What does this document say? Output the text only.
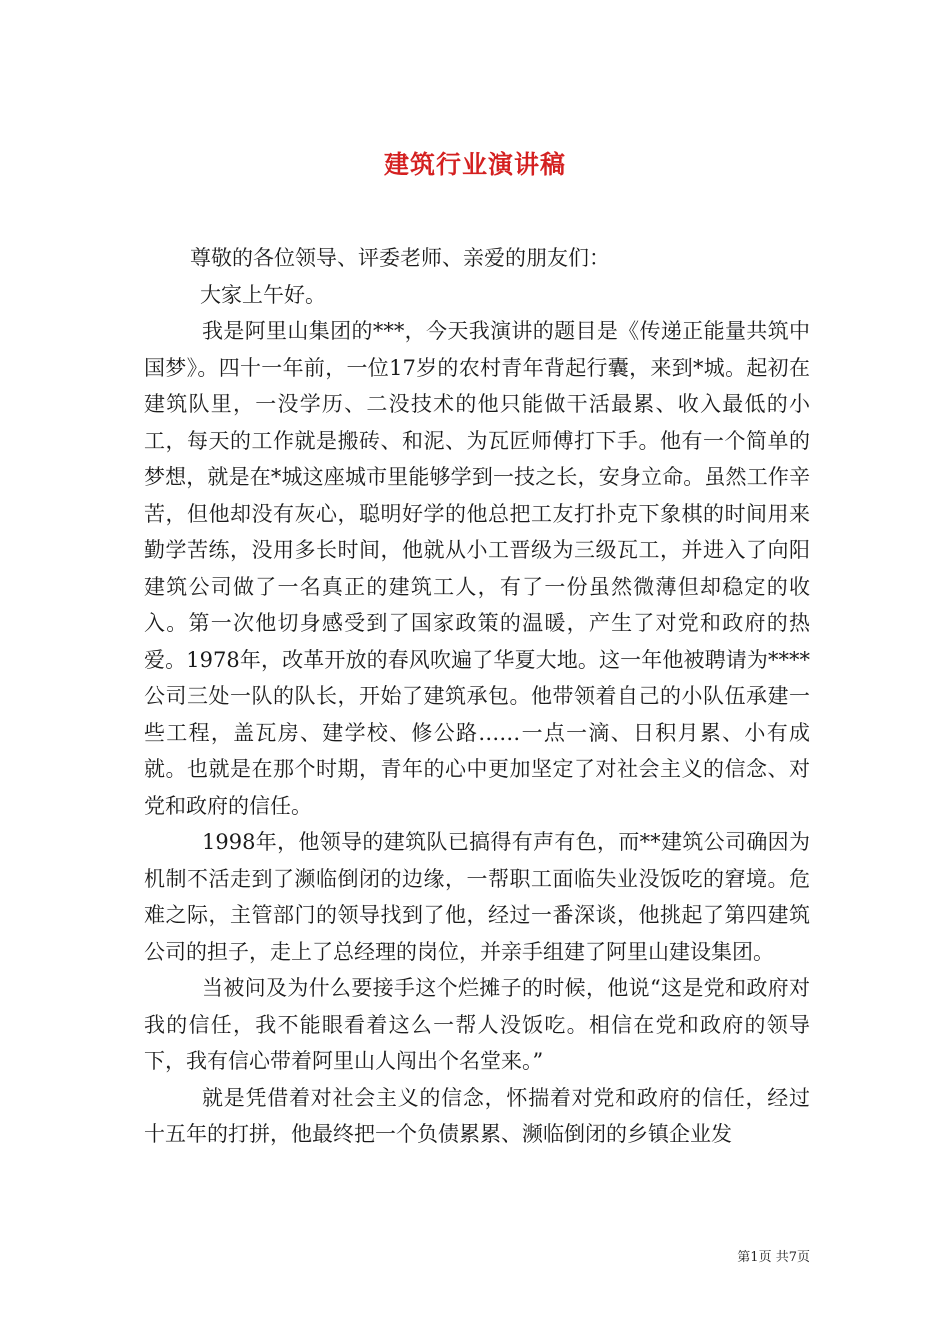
建筑行业演讲稿

尊敬的各位领导、评委老师、亲爱的朋友们：

大家上午好。

我是阿里山集团的***，今天我演讲的题目是《传递正能量共筑中国梦》。四十一年前，一位17岁的农村青年背起行囊，来到*城。起初在建筑队里，一没学历、二没技术的他只能做干活最累、收入最低的小工，每天的工作就是搬砖、和泥、为瓦匠师傅打下手。他有一个简单的梦想，就是在*城这座城市里能够学到一技之长，安身立命。虽然工作辛苦，但他却没有灰心，聪明好学的他总把工友打扑克下象棋的时间用来勤学苦练，没用多长时间，他就从小工晋级为三级瓦工，并进入了向阳建筑公司做了一名真正的建筑工人，有了一份虽然微薄但却稳定的收入。第一次他切身感受到了国家政策的温暖，产生了对党和政府的热爱。1978年，改革开放的春风吹遍了华夏大地。这一年他被聘请为****公司三处一队的队长，开始了建筑承包。他带领着自己的小队伍承建一些工程，盖瓦房、建学校、修公路……一点一滴、日积月累、小有成就。也就是在那个时期，青年的心中更加坚定了对社会主义的信念、对党和政府的信任。

1998年，他领导的建筑队已搞得有声有色，而**建筑公司确因为机制不活走到了濒临倒闭的边缘，一帮职工面临失业没饭吃的窘境。危难之际，主管部门的领导找到了他，经过一番深谈，他挑起了第四建筑公司的担子，走上了总经理的岗位，并亲手组建了阿里山建设集团。

当被问及为什么要接手这个烂摊子的时候，他说“这是党和政府对我的信任，我不能眼看着这么一帮人没饭吃。相信在党和政府的领导下，我有信心带着阿里山人闯出个名堂来。”

就是凭借着对社会主义的信念，怀揣着对党和政府的信任，经过十五年的打拼，他最终把一个负债累累、濒临倒闭的乡镇企业发

第1页 共7页
